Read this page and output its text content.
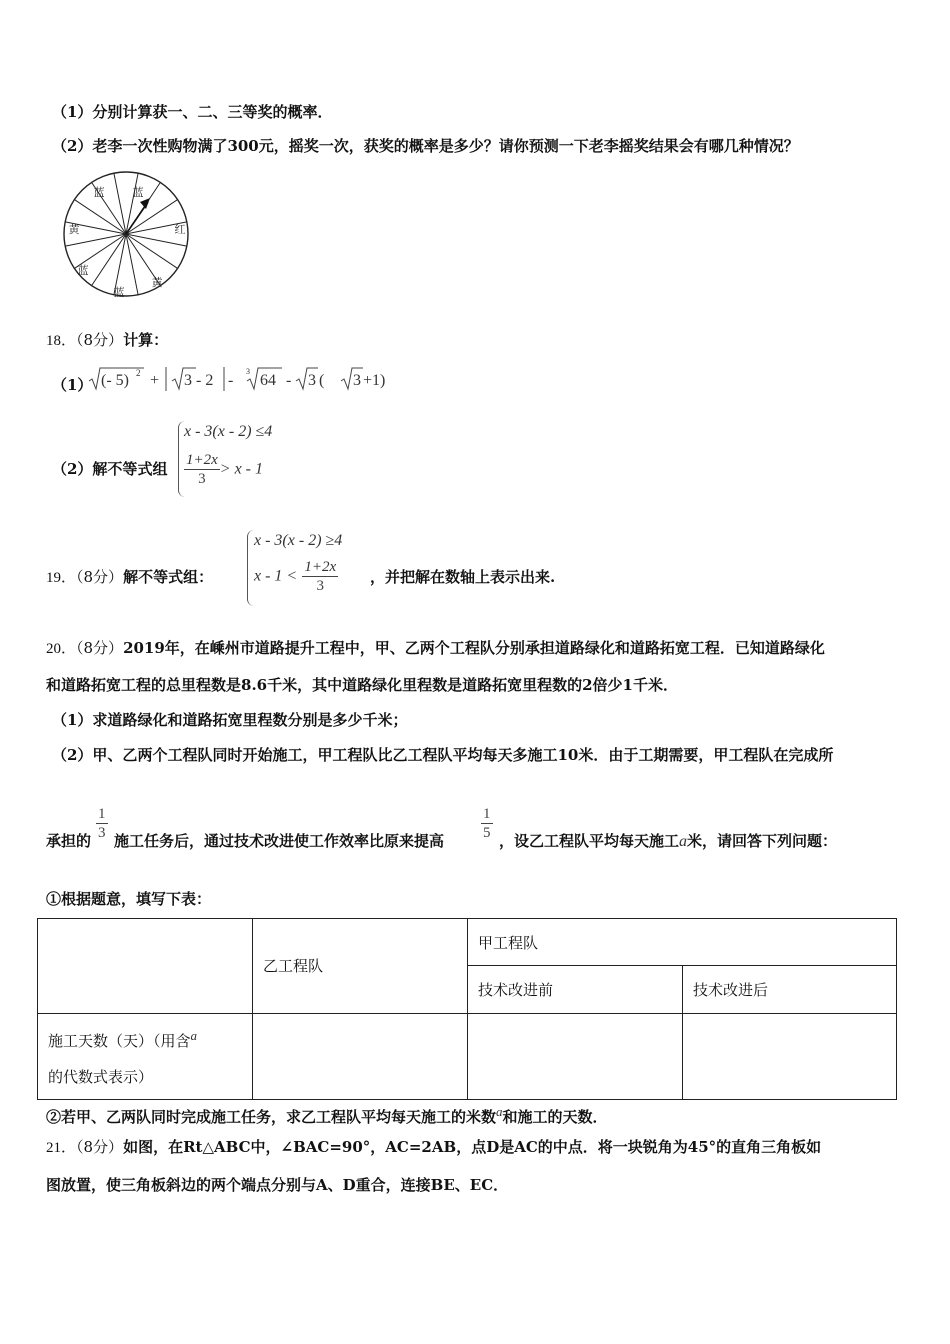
（1）分别计算获一、二、三等奖的概率．
（2）老李一次性购物满了300元，摇奖一次，获奖的概率是多少？请你预测一下老李摇奖结果会有哪几种情况？
蓝	蓝
红
黄
蓝
蓝
黄
18．（8分）计算：
（1） (- 5) 2 + 3 - 2 -
3
64 - 3 ( 3 +1)
（2）解不等式组
x - 3(x - 2) ≤4
$\frac{1+2x}{3} > x - 1$
19．（8分）解不等式组：
x - 3(x - 2) ≥4
$x - 1 < \frac{1+2x}{3}$ ，并把解在数轴上表示出来.
20．（8分）2019年，在嵊州市道路提升工程中，甲、乙两个工程队分别承担道路绿化和道路拓宽工程．已知道路绿化
和道路拓宽工程的总里程数是8.6千米，其中道路绿化里程数是道路拓宽里程数的2倍少1千米．
（1）求道路绿化和道路拓宽里程数分别是多少千米；
（2）甲、乙两个工程队同时开始施工，甲工程队比乙工程队平均每天多施工10米．由于工期需要，甲工程队在完成所
承担的 $\frac{1}{3}$ 施工任务后，通过技术改进使工作效率比原来提高 $\frac{1}{5}$ ，设乙工程队平均每天施工a米，请回答下列问题：
①根据题意，填写下表：
	乙工程队	甲工程队	
		技术改进前	技术改进后
施工天数（天）（用含a
的代数式表示）			
②若甲、乙两队同时完成施工任务，求乙工程队平均每天施工的米数a和施工的天数．
21．（8分）如图，在Rt△ABC中，∠BAC=90°，AC=2AB，点D是AC的中点．将一块锐角为45°的直角三角板如
图放置，使三角板斜边的两个端点分别与A、D重合，连接BE、EC．
